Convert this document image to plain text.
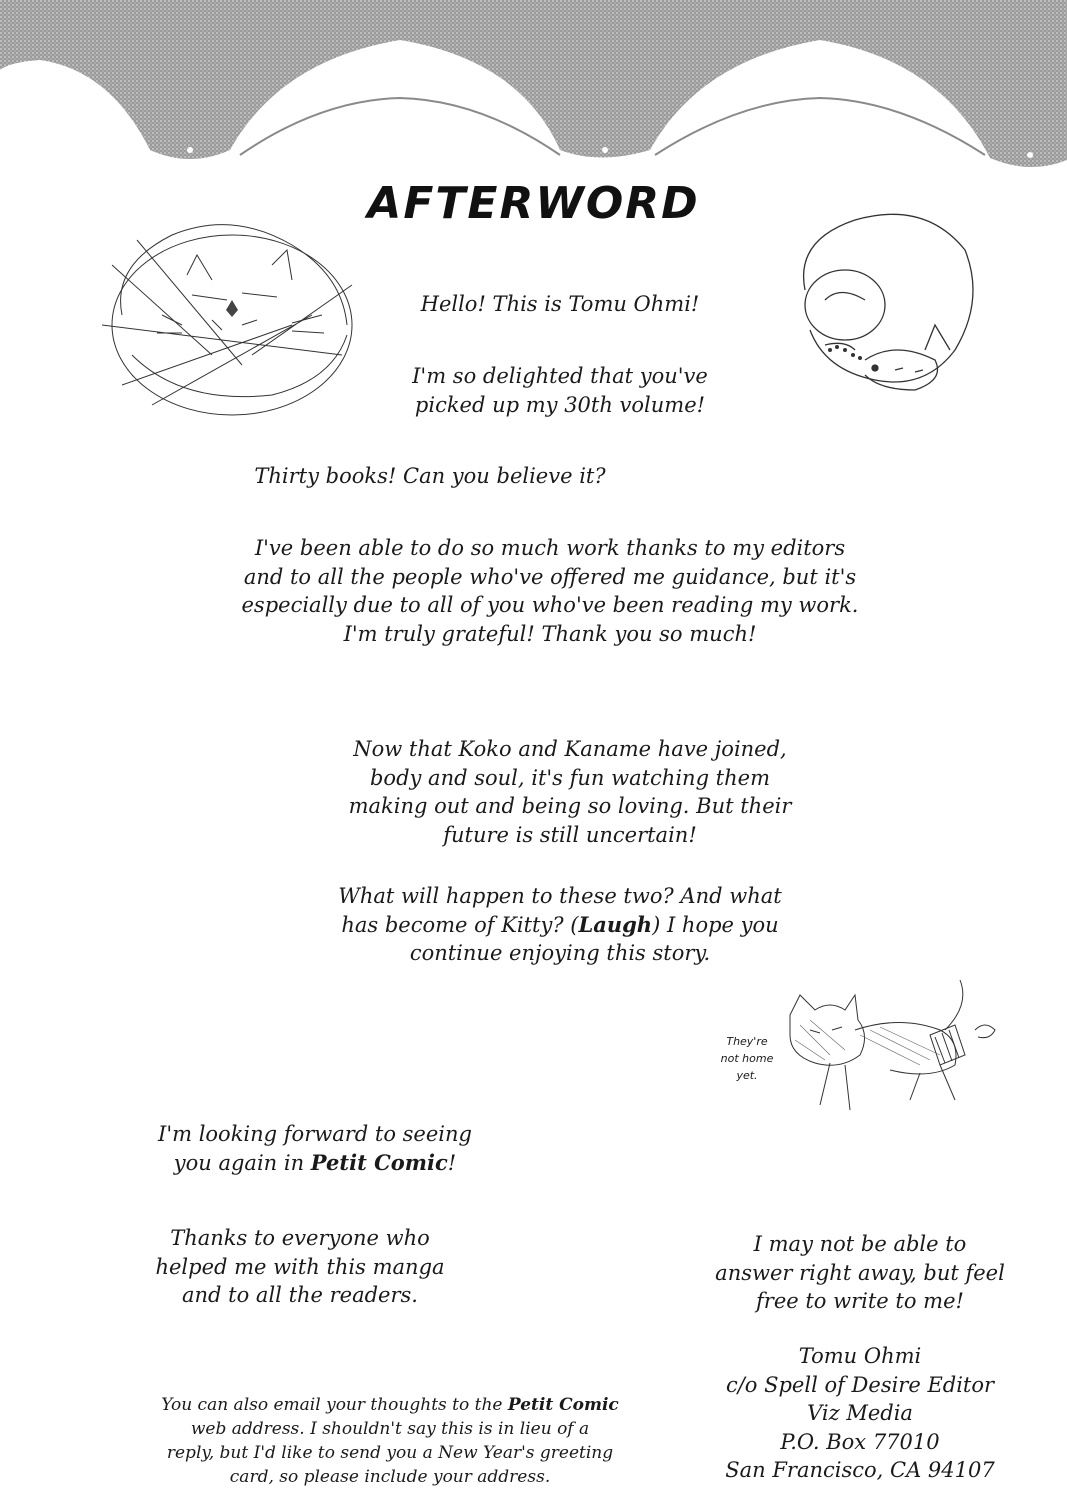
AFTERWORD
Hello! This is Tomu Ohmi!
I'm so delighted that you've
picked up my 30th volume!
Thirty books! Can you believe it?
I've been able to do so much work thanks to my editors
and to all the people who've offered me guidance, but it's
especially due to all of you who've been reading my work.
I'm truly grateful! Thank you so much!
Now that Koko and Kaname have joined,
body and soul, it's fun watching them
making out and being so loving. But their
future is still uncertain!
What will happen to these two? And what
has become of Kitty? (Laugh) I hope you
continue enjoying this story.
They're
not home
yet.
I'm looking forward to seeing
you again in Petit Comic!
Thanks to everyone who
helped me with this manga
and to all the readers.
I may not be able to
answer right away, but feel
free to write to me!
You can also email your thoughts to the Petit Comic
web address. I shouldn't say this is in lieu of a
reply, but I'd like to send you a New Year's greeting
card, so please include your address.
Tomu Ohmi
c/o Spell of Desire Editor
Viz Media
P.O. Box 77010
San Francisco, CA 94107
